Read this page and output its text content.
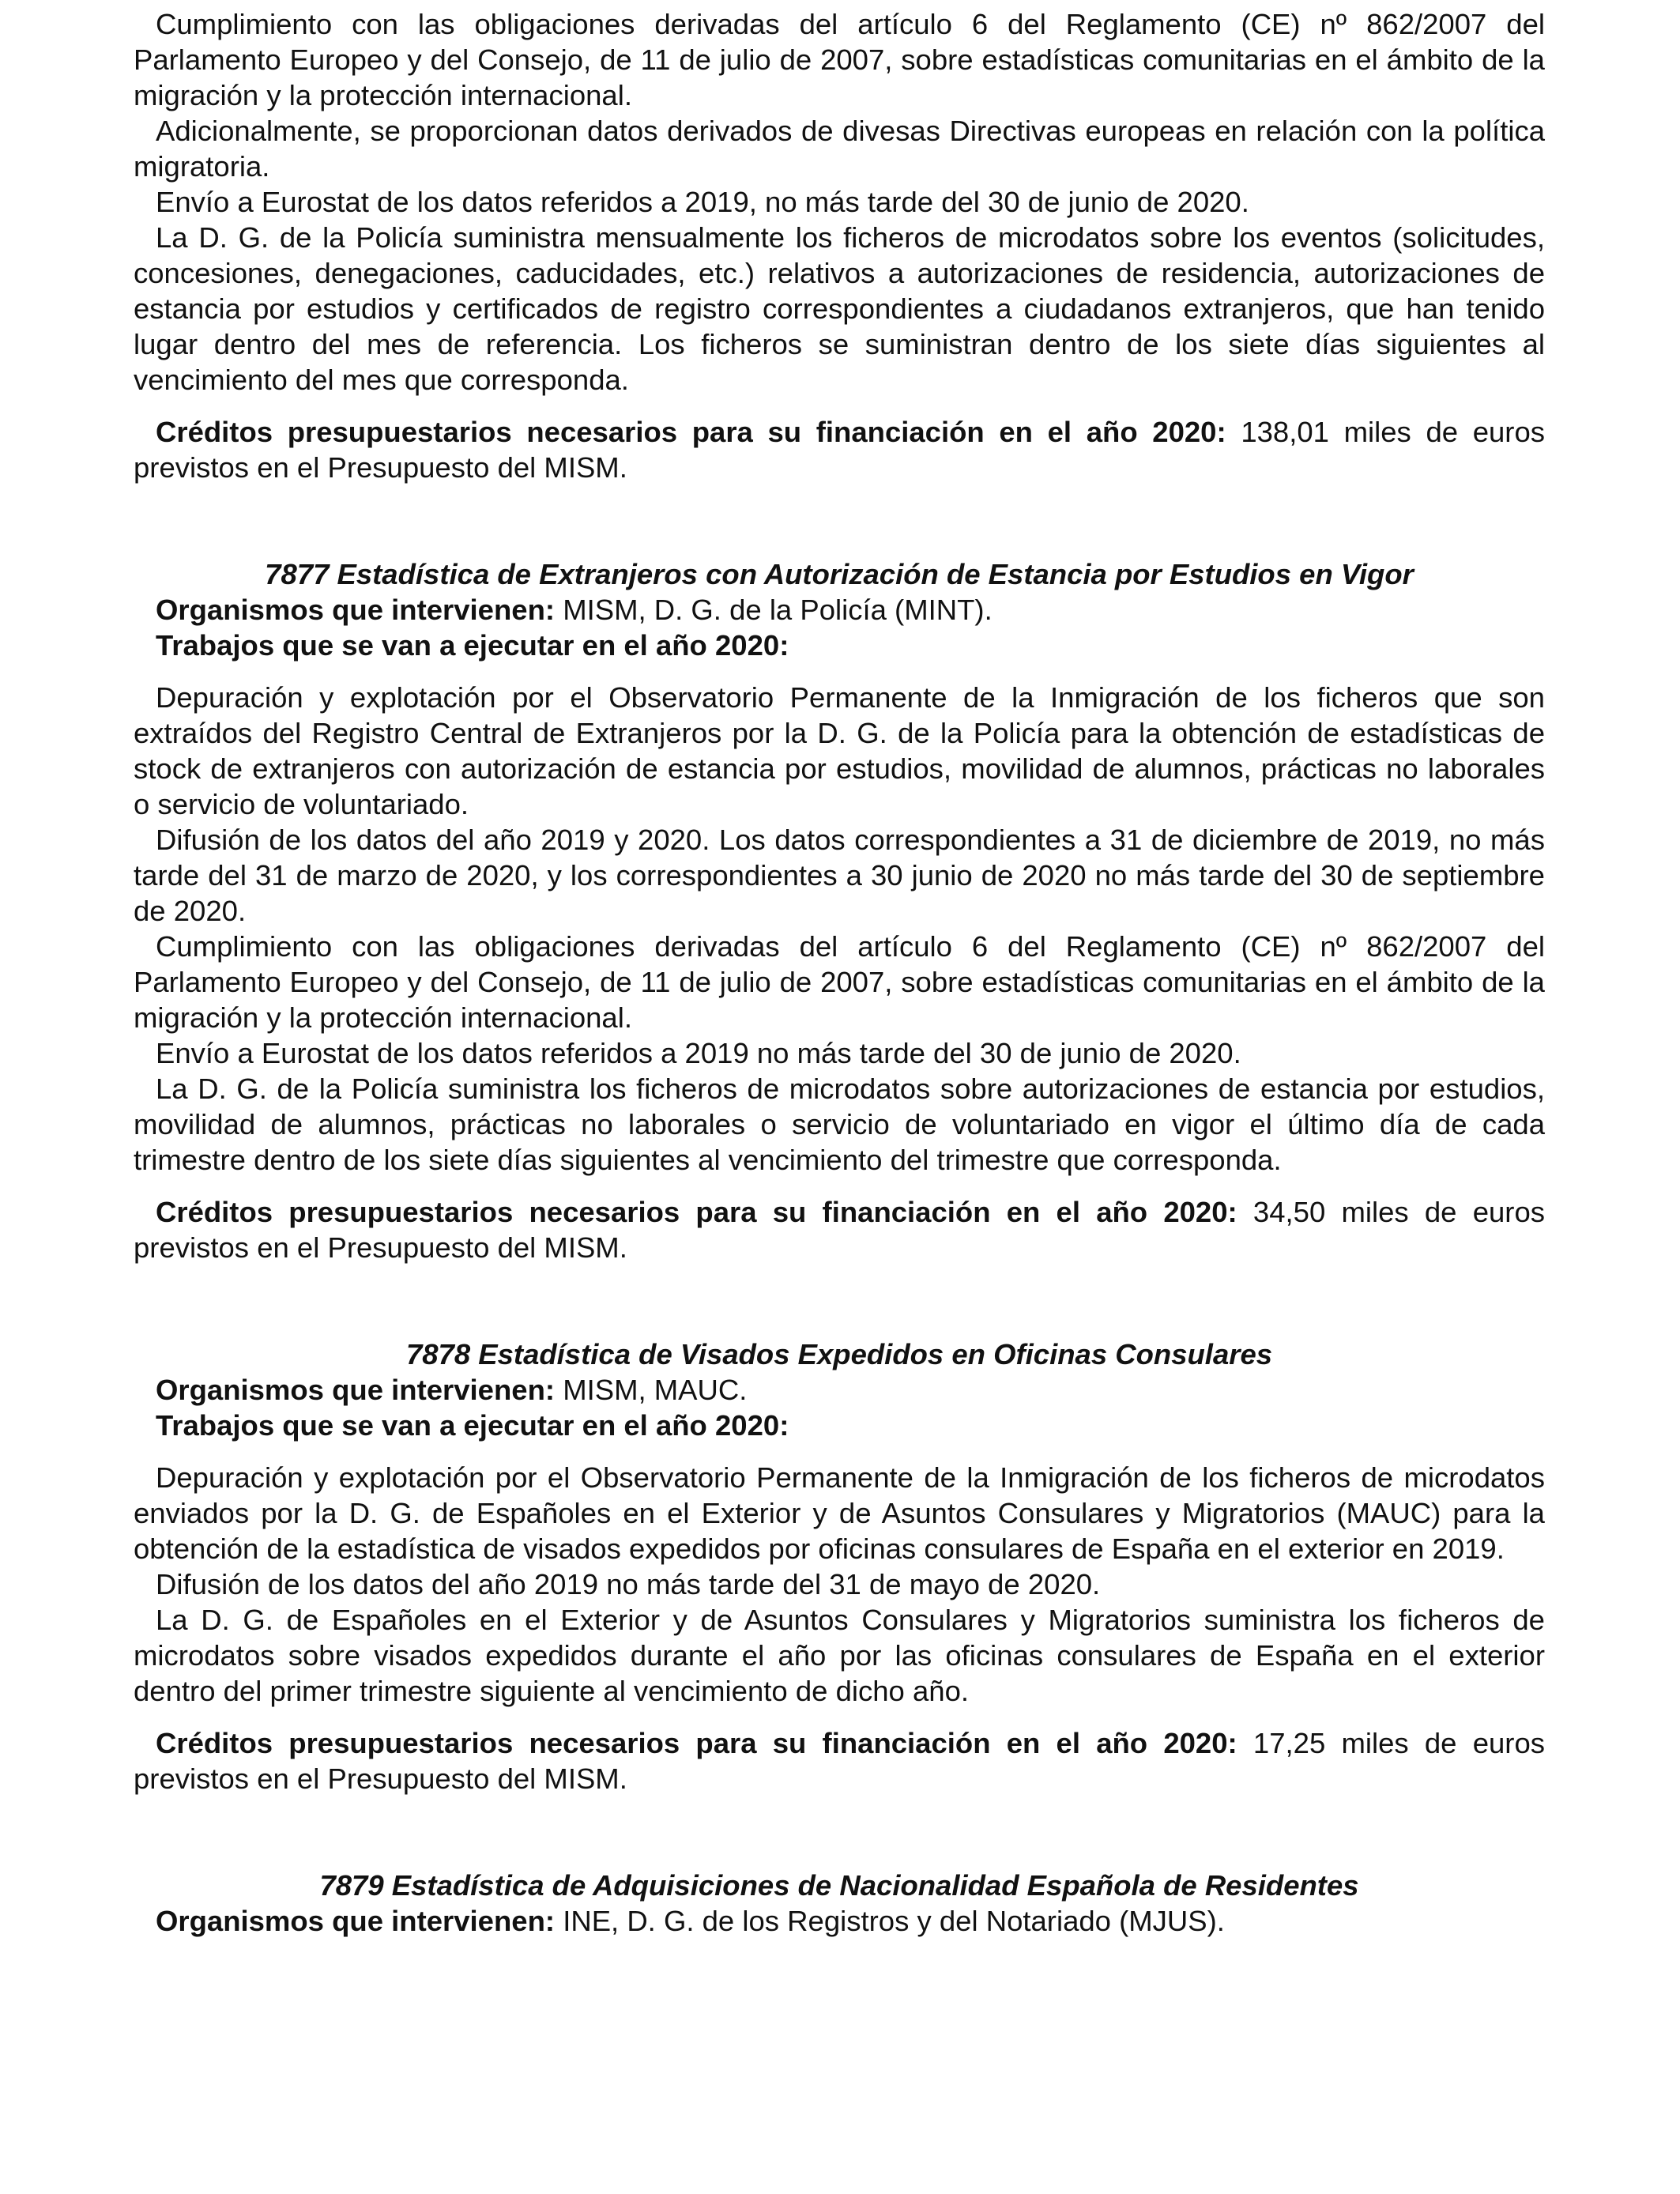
Cumplimiento con las obligaciones derivadas del artículo 6 del Reglamento (CE) nº 862/2007 del Parlamento Europeo y del Consejo, de 11 de julio de 2007, sobre estadísticas comunitarias en el ámbito de la migración y la protección internacional.

Adicionalmente, se proporcionan datos derivados de divesas Directivas europeas en relación con la política migratoria.

Envío a Eurostat de los datos referidos a 2019, no más tarde del 30 de junio de 2020.

La D. G. de la Policía suministra mensualmente los ficheros de microdatos sobre los eventos (solicitudes, concesiones, denegaciones, caducidades, etc.) relativos a autorizaciones de residencia, autorizaciones de estancia por estudios y certificados de registro correspondientes a ciudadanos extranjeros, que han tenido lugar dentro del mes de referencia. Los ficheros se suministran dentro de los siete días siguientes al vencimiento del mes que corresponda.

Créditos presupuestarios necesarios para su financiación en el año 2020: 138,01 miles de euros previstos en el Presupuesto del MISM.

7877 Estadística de Extranjeros con Autorización de Estancia por Estudios en Vigor

Organismos que intervienen: MISM, D. G. de la Policía (MINT).

Trabajos que se van a ejecutar en el año 2020:

Depuración y explotación por el Observatorio Permanente de la Inmigración de los ficheros que son extraídos del Registro Central de Extranjeros por la D. G. de la Policía para la obtención de estadísticas de stock de extranjeros con autorización de estancia por estudios, movilidad de alumnos, prácticas no laborales o servicio de voluntariado.

Difusión de los datos del año 2019 y 2020. Los datos correspondientes a 31 de diciembre de 2019, no más tarde del 31 de marzo de 2020, y los correspondientes a 30 junio de 2020 no más tarde del 30 de septiembre de 2020.

Cumplimiento con las obligaciones derivadas del artículo 6 del Reglamento (CE) nº 862/2007 del Parlamento Europeo y del Consejo, de 11 de julio de 2007, sobre estadísticas comunitarias en el ámbito de la migración y la protección internacional.

Envío a Eurostat de los datos referidos a 2019 no más tarde del 30 de junio de 2020.

La D. G. de la Policía suministra los ficheros de microdatos sobre autorizaciones de estancia por estudios, movilidad de alumnos, prácticas no laborales o servicio de voluntariado en vigor el último día de cada trimestre dentro de los siete días siguientes al vencimiento del trimestre que corresponda.

Créditos presupuestarios necesarios para su financiación en el año 2020: 34,50 miles de euros previstos en el Presupuesto del MISM.

7878 Estadística de Visados Expedidos en Oficinas Consulares

Organismos que intervienen: MISM, MAUC.

Trabajos que se van a ejecutar en el año 2020:

Depuración y explotación por el Observatorio Permanente de la Inmigración de los ficheros de microdatos enviados por la D. G. de Españoles en el Exterior y de Asuntos Consulares y Migratorios (MAUC) para la obtención de la estadística de visados expedidos por oficinas consulares de España en el exterior en 2019.

Difusión de los datos del año 2019 no más tarde del 31 de mayo de 2020.

La D. G. de Españoles en el Exterior y de Asuntos Consulares y Migratorios suministra los ficheros de microdatos sobre visados expedidos durante el año por las oficinas consulares de España en el exterior dentro del primer trimestre siguiente al vencimiento de dicho año.

Créditos presupuestarios necesarios para su financiación en el año 2020: 17,25 miles de euros previstos en el Presupuesto del MISM.

7879 Estadística de Adquisiciones de Nacionalidad Española de Residentes

Organismos que intervienen: INE, D. G. de los Registros y del Notariado (MJUS).
